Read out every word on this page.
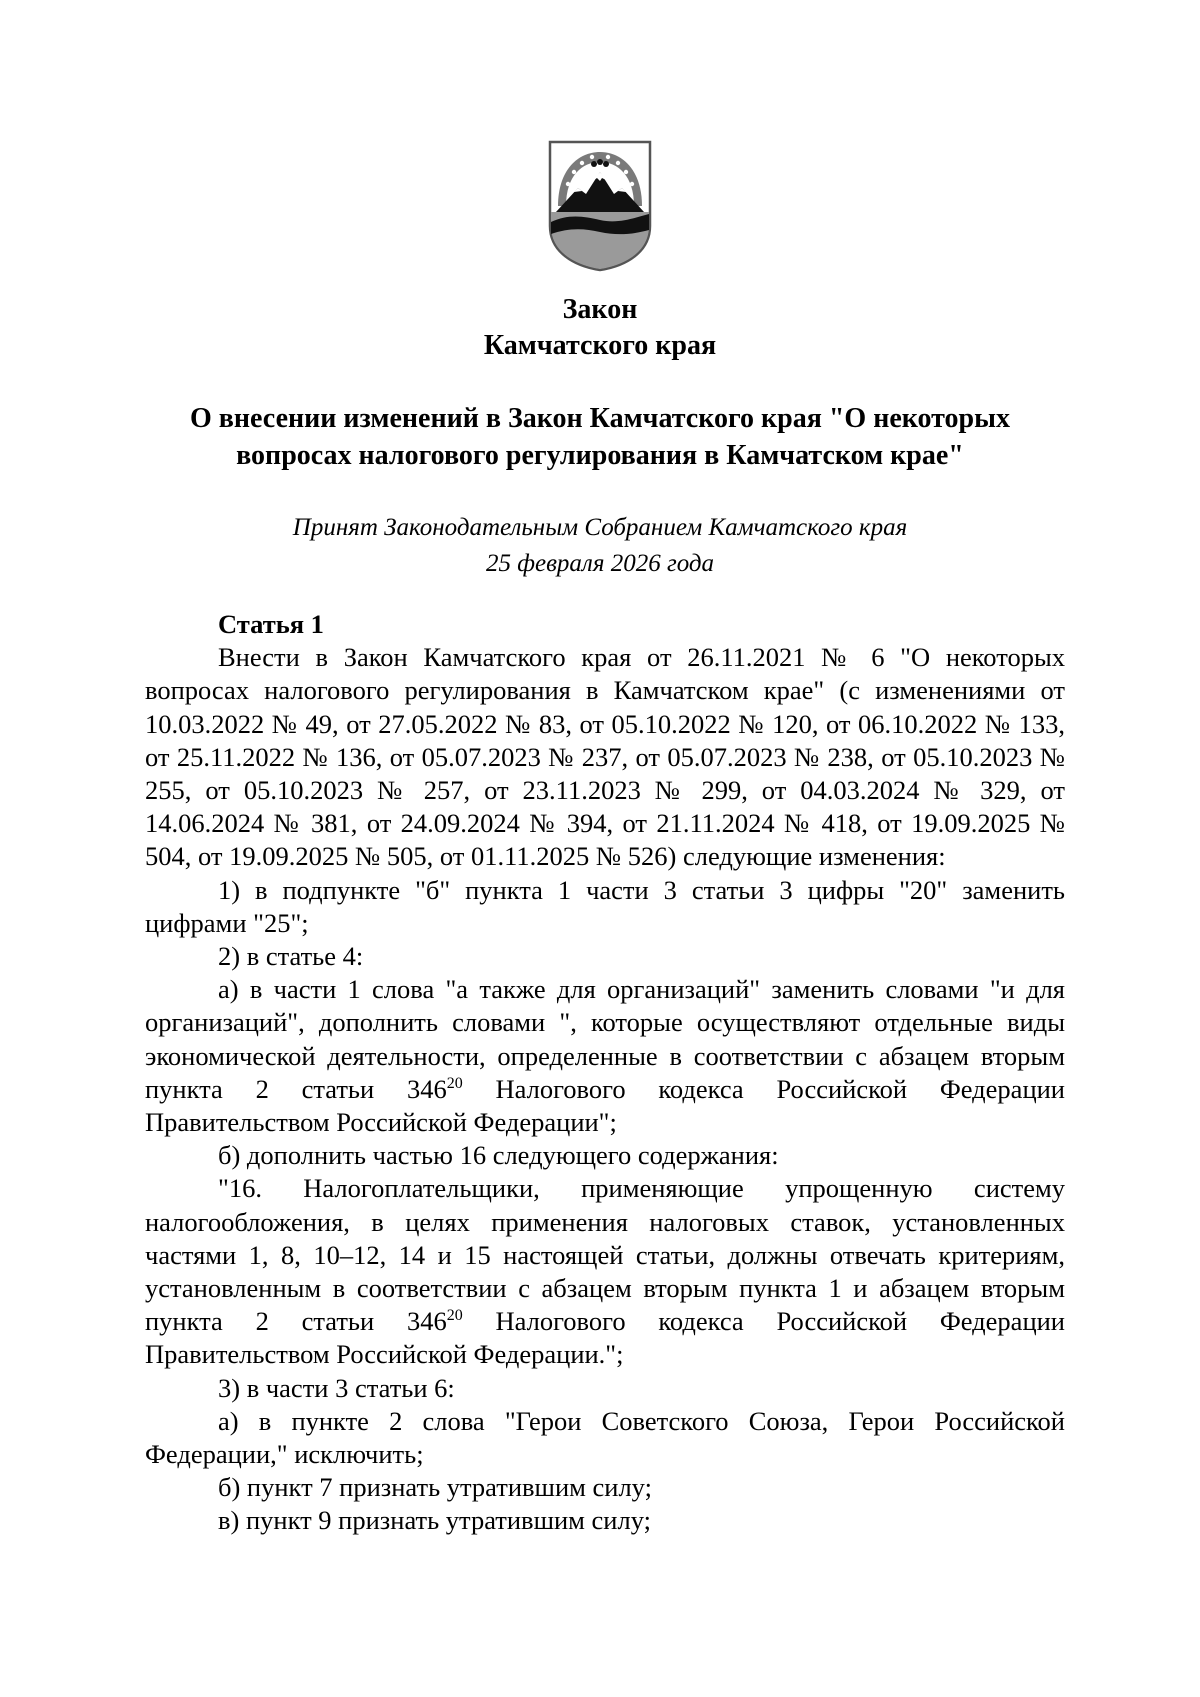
Закон
Камчатского края
О внесении изменений в Закон Камчатского края "О некоторых
вопросах налогового регулирования в Камчатском крае"
Принят Законодательным Собранием Камчатского края
25 февраля 2026 года

Статья 1

Внести в Закон Камчатского края от 26.11.2021 № 6 "О некоторых вопросах налогового регулирования в Камчатском крае" (с изменениями от 10.03.2022 № 49, от 27.05.2022 № 83, от 05.10.2022 № 120, от 06.10.2022 № 133, от 25.11.2022 № 136, от 05.07.2023 № 237, от 05.07.2023 № 238, от 05.10.2023 № 255, от 05.10.2023 № 257, от 23.11.2023 № 299, от 04.03.2024 № 329, от 14.06.2024 № 381, от 24.09.2024 № 394, от 21.11.2024 № 418, от 19.09.2025 № 504, от 19.09.2025 № 505, от 01.11.2025 № 526) следующие изменения:

1) в подпункте "б" пункта 1 части 3 статьи 3 цифры "20" заменить цифрами "25";

2) в статье 4:

а) в части 1 слова "а также для организаций" заменить словами "и для организаций", дополнить словами ", которые осуществляют отдельные виды экономической деятельности, определенные в соответствии с абзацем вторым пункта 2 статьи $346^{20}$ Налогового кодекса Российской Федерации Правительством Российской Федерации";

б) дополнить частью 16 следующего содержания:

"16. Налогоплательщики, применяющие упрощенную систему налогообложения, в целях применения налоговых ставок, установленных частями 1, 8, 10–12, 14 и 15 настоящей статьи, должны отвечать критериям, установленным в соответствии с абзацем вторым пункта 1 и абзацем вторым пункта 2 статьи $346^{20}$ Налогового кодекса Российской Федерации Правительством Российской Федерации.";

3) в части 3 статьи 6:

а) в пункте 2 слова "Герои Советского Союза, Герои Российской Федерации," исключить;

б) пункт 7 признать утратившим силу;

в) пункт 9 признать утратившим силу;
